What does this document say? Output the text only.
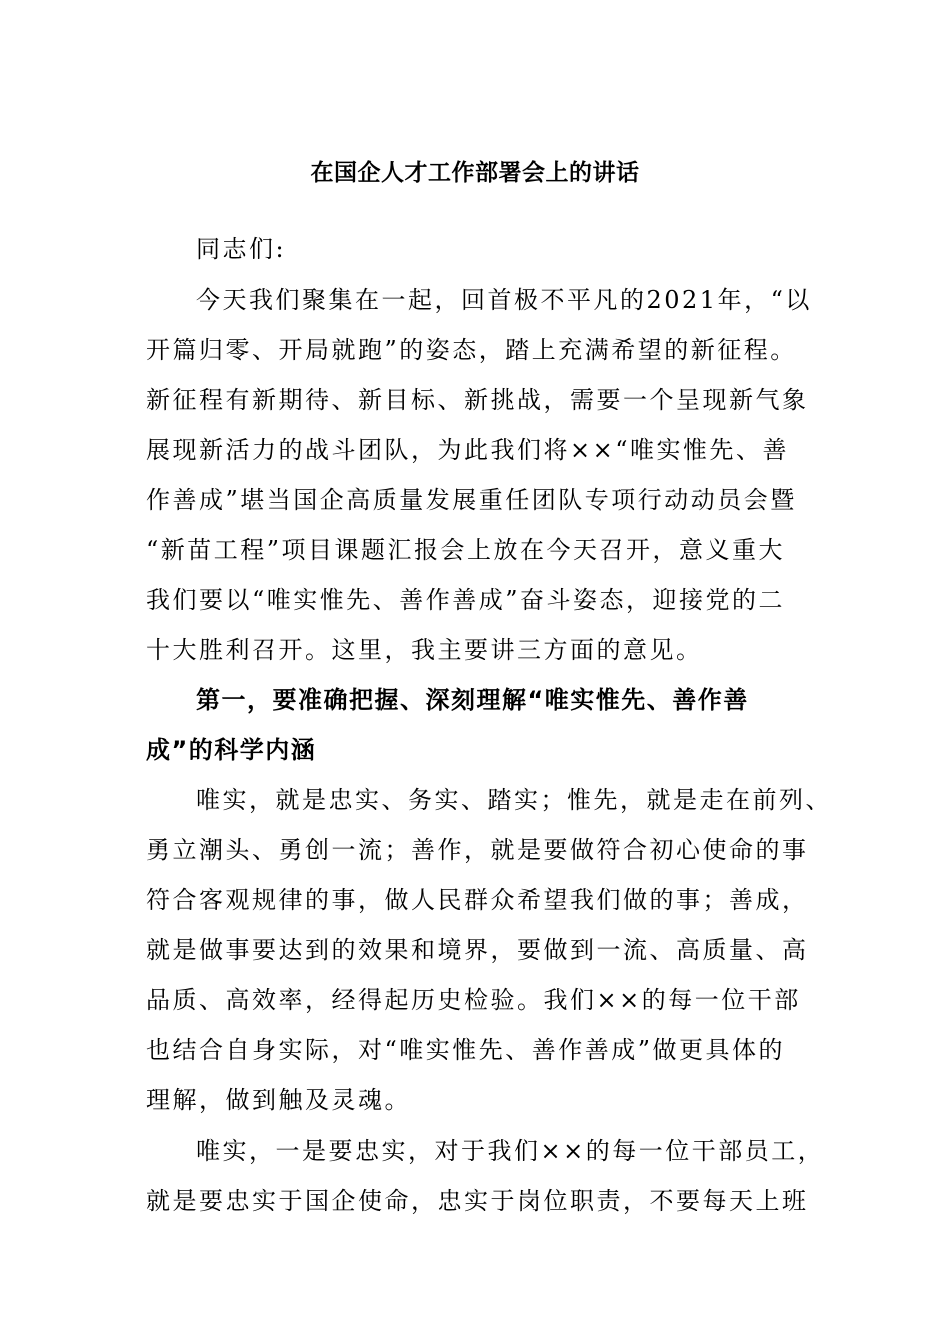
在国企人才工作部署会上的讲话
同志们:
今天我们聚集在一起，回首极不平凡的2021年，“以
开篇归零、开局就跑”的姿态，踏上充满希望的新征程。
新征程有新期待、新目标、新挑战，需要一个呈现新气象
展现新活力的战斗团队，为此我们将××“唯实惟先、善
作善成”堪当国企高质量发展重任团队专项行动动员会暨
“新苗工程”项目课题汇报会上放在今天召开，意义重大
我们要以“唯实惟先、善作善成”奋斗姿态，迎接党的二
十大胜利召开。这里，我主要讲三方面的意见。
第一，要准确把握、深刻理解“唯实惟先、善作善
成”的科学内涵
唯实，就是忠实、务实、踏实；惟先，就是走在前列、
勇立潮头、勇创一流；善作，就是要做符合初心使命的事
符合客观规律的事，做人民群众希望我们做的事；善成，
就是做事要达到的效果和境界，要做到一流、高质量、高
品质、高效率，经得起历史检验。我们××的每一位干部
也结合自身实际，对“唯实惟先、善作善成”做更具体的
理解，做到触及灵魂。
唯实，一是要忠实，对于我们××的每一位干部员工，
就是要忠实于国企使命，忠实于岗位职责，不要每天上班
